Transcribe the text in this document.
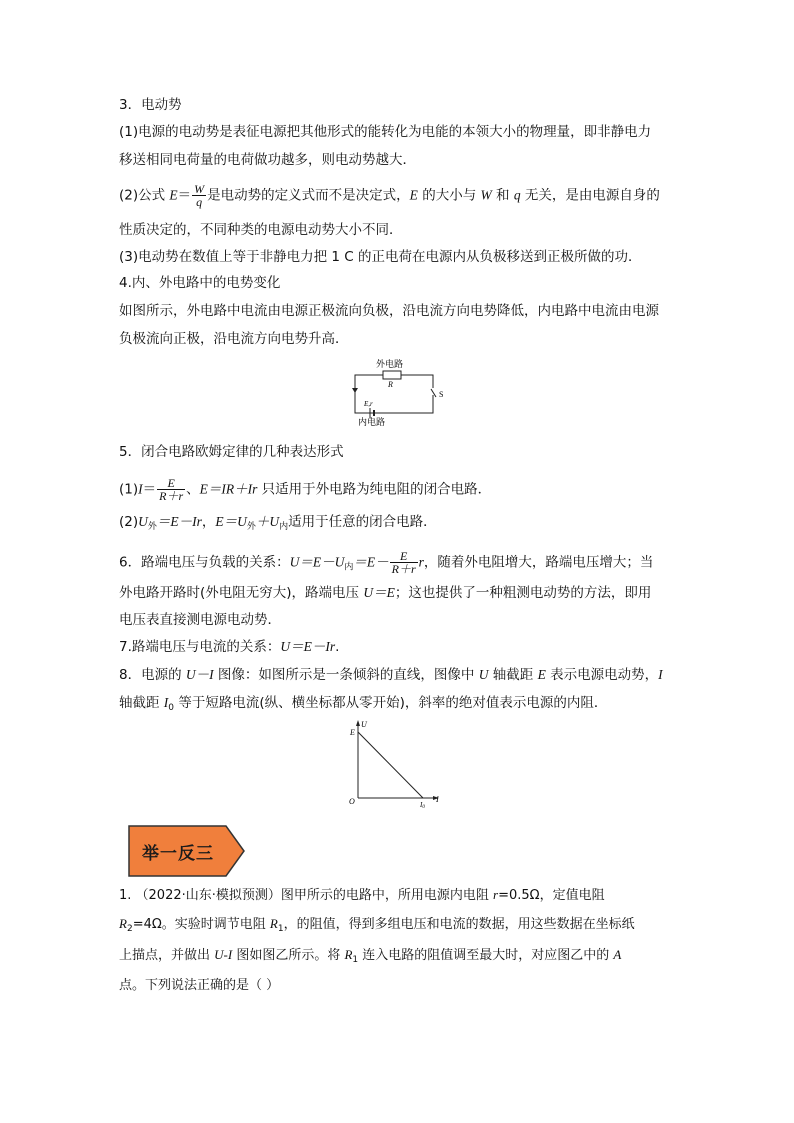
3．电动势
(1)电源的电动势是表征电源把其他形式的能转化为电能的本领大小的物理量，即非静电力
移送相同电荷量的电荷做功越多，则电动势越大．
(2)公式 $E= \frac{W}{q}$ 是电动势的定义式而不是决定式，E 的大小与 W 和 q 无关，是由电源自身的
性质决定的，不同种类的电源电动势大小不同．
(3)电动势在数值上等于非静电力把 1 C 的正电荷在电源内从负极移送到正极所做的功．
4.内、外电路中的电势变化
如图所示，外电路中电流由电源正极流向负极，沿电流方向电势降低，内电路中电流由电源
负极流向正极，沿电流方向电势升高．
外电路
R
S
E,r
内电路
5．闭合电路欧姆定律的几种表达形式
$(1)I= \frac{E}{R+r}$ 、E＝IR＋Ir 只适用于外电路为纯电阻的闭合电路．
$(2)U_外=E-Ir$，$E=U_外+U_内$适用于任意的闭合电路．
6．路端电压与负载的关系：$U=E-U_内=E- \frac{E}{R+r}$ r，随着外电阻增大，路端电压增大；当
外电路开路时(外电阻无穷大)，路端电压 U＝E；这也提供了一种粗测电动势的方法，即用
电压表直接测电源电动势．
7.路端电压与电流的关系：U＝E－Ir.
8．电源的 U－I 图像：如图所示是一条倾斜的直线，图像中 U 轴截距 E 表示电源电动势，I
轴截距 $I_0$ 等于短路电流(纵、横坐标都从零开始)，斜率的绝对值表示电源的内阻．
U
E
O	I
I0
举一反三
1. （2022·山东·模拟预测）图甲所示的电路中，所用电源内电阻 r=0.5Ω，定值电阻
$R_2=4\Omega$。实验时调节电阻 $R_1$，的阻值，得到多组电压和电流的数据，用这些数据在坐标纸
上描点，并做出 U-I 图如图乙所示。将 $R_1$ 连入电路的阻值调至最大时，对应图乙中的 A
点。下列说法正确的是（ ）
